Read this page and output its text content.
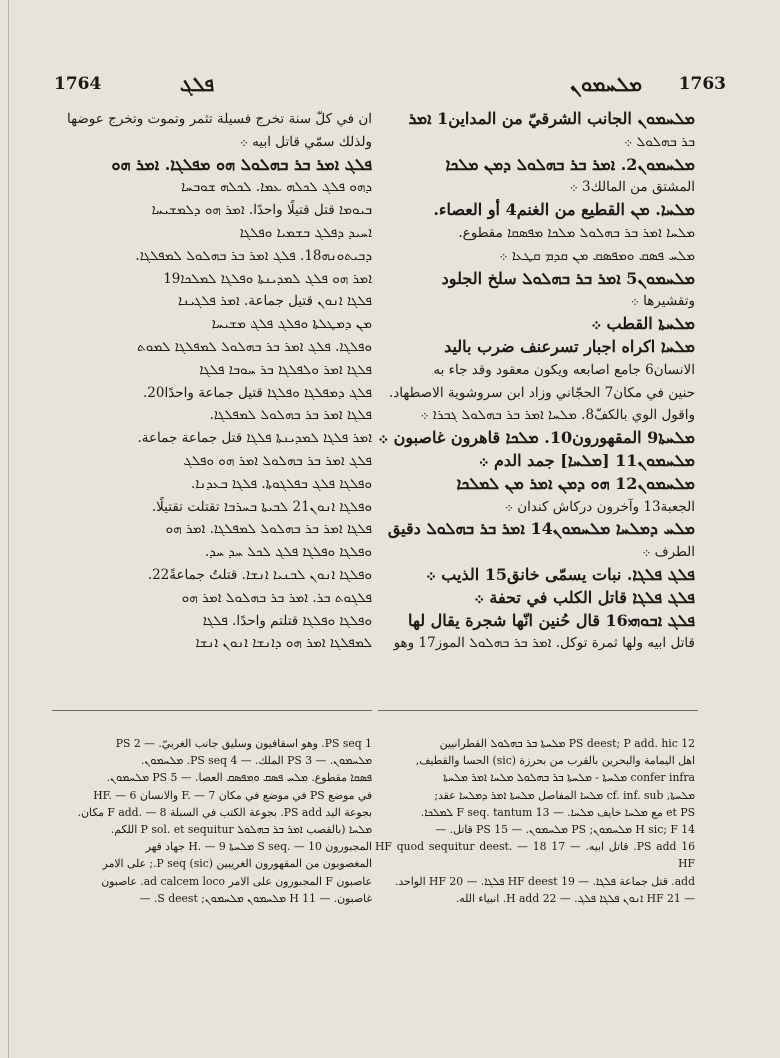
1764	ܦܠܓ	ܡܠܚܡܘܢ 1763

ان ﻓﻲ كلّ سنة تخرج فسيلة تثمر وتموت وتخرج عوضها

ولذلك سمّي قاتل ابيه ܀

ܦܠܓ ܐܡܪ ܒܪ ܒܗܠܘܠ ܗܘ ܡܦܠܓܐ. ܐܡܪ ܗܘ

ܕܗܘ ܦܠܓ ܠܟܠܗ ܥܡܐ. ܠܟܠܗ ܫܘܒܚܐ

ܒܝܘܡܐ قتل قتيلًا واحدًا. ܐܡܪ ܗܘ ܕܠܡܫܝܚܐ

ܐܚܝܕ ܕܦܠܓ ܒܫܡܝܐ ܘܦܠܓܐ

ܕܒܝܬܘܢܗ18. ܦܠܓ ܐܡܪ ܒܪ ܒܗܠܘܠ ܠܡܦܠܓܐ.

ܐܡܪ ܗܘ ܦܠܓ ܠܡܕܝܢܬܐ ܘܦܠܓܐ ܠܡܠܟܐ19

ܦܠܓܐ ܐܢܘܢ قتيل جماعة. ܐܡܪ ܦܠܓܝܢܐ

ܡܢ ܕܡܛܠܬܐ ܘܦܠܓ ܦܠܓ ܡܫܝܚܐ

ܘܦܠܓܐ. ܦܠܓ ܐܡܪ ܒܪ ܒܗܠܘܠ ܠܡܦܠܓܐ ܠܡܘܬ

ܦܠܓܐ ܐܡܪ ܘܠܦܠܓܐ ܒܪ ܚܘܒܐ ܦܠܓܐ

ܦܠܓ ܕܡܦܠܓܐ ܘܦܠܓܐ قتيل جماعة واحدًا20.

ܦܠܓܐ ܐܡܪ ܒܪ ܒܗܠܘܠ ܠܡܦܠܓܐ.

ܐܡܪ ܦܠܓܐ ܠܡܕܝܢܬܐ ܦܠܓܐ قتل جماعة جماعة.

ܦܠܓ ܐܡܪ ܒܪ ܒܗܠܘܠ ܐܡܪ ܗܘ ܘܦܠܓ

ܘܦܠܓܐ ܦܠܓ ܒܦܠܓܘܬܐ. ܦܠܓܐ ܒܥܕܢܐ.

ܘܦܠܓܐ ܐܢܘܢ21 ܠܒܝܬܐ ܒܚܪܒܐ تقتلت تقتيلًا.

ܦܠܓܐ ܐܡܪ ܒܪ ܒܗܠܘܠ ܠܡܦܠܓܐ. ܐܡܪ ܗܘ

ܘܦܠܓܐ ܘܦܠܓܐ ܦܠܓ ܠܟܠ ܚܕ ܚܕ.

ܘܦܠܓܐ ܐܢܘܢ ܠܒܢܝܐ ܐܢܫܐ. قتلتُ جماعةً22.

ܦܠܓܘܬ ܒܪ. ܐܡܪ ܒܪ ܒܗܠܘܠ ܐܡܪ ܗܘ

ܘܦܠܓܐ ܘܦܠܓܐ قتلتم واحدًا. ܦܠܓܐ

ܠܡܦܠܓܐ ܐܡܪ ܗܘ ܕܐܢܫܐ ܐܢܘܢ ܐܢܫܐ

ܡܠܚܡܘܢ الجانب الشرقيّ من المداين1 ܐܡܪ

ܒܪ ܒܗܠܘܠ ܀

ܡܠܚܡܘܢ2. ܐܡܪ ܒܪ ܒܗܠܘܠ ܕܡܢ ܡܠܟܐ

المشتق من المالك3 ܀

ܡܠܚܐ. ܡܢ القطيع من الغنم4 أو العصاء.

ܡܠܚܐ ܐܡܪ ܒܪ ܒܗܠܘܠ ܡܠܟܐ ܡܦܣܩܐ مقطوع.

ܡܠܚ ܦܣܩ ܘܡܦܣܩ ܡܢ ܩܕܡ ܩܛܥܐ ܀

ܡܠܚܡܘܢ5 ܐܡܪ ܒܪ ܒܗܠܘܠ سلخ الجلود

وتقشيرها ܀

ܡܠܚܬܐ القطب ܀

ܡܠܚܐ اكراه اجبار تسرعنف ضرب باليد

الانسان6 جامع اصابعه ويكون معقود وقد جاء به

حنين في مكان7 الحجّاني وزاد ابن سروشوية الاصطهاد.

واقول الوي بالكفّ8. ܡܠܚܐ ܐܡܪ ܒܪ ܒܗܠܘܠ ܓܒܪܐ ܀

ܡܠܚܬܐ9 المقهورون10. ܡܠܟܐ قاهرون غاصبون ܀

ܡܠܚܡܘܢ11 [ܡܠܚܐ] جمد الدم ܀

ܡܠܚܡܘܢ12 ܗܘ ܕܡܢ ܐܡܪ ܡܢ ܠܡܠܟܐ

الجعبة13 وآخرون دركاش كندان ܀

ܡܠܚ ܕܡܠܚܐ ܡܠܚܡܘܢ14 ܐܡܪ ܒܪ ܒܗܠܘܠ دقيق

الطرف ܀

ܦܠܓ ܦܠܓܐ. نبات يسمّى خانق15 الذيب ܀

ܦܠܓ ܦܠܓܐ قاتل الكلب في تحفة ܀

ܦܠܓ ܐܒܘܗܝ16 قال حُنين انّها شجرة يقال لها

قاتل ابيه ولها ثمرة توكل. ܐܡܪ ܒܪ ܒܗܠܘܠ الموز17 وهو

1 PS seq. وهو اسقافيون وسليق جانب الغربيّ. — 2 PS

ܡܠܚܡܘܢ. — 3 PS الملك. — 4 PS seq. ܡܠܚܡܘܢ.

ܦܣܩܐ مقطوع. ܡܠܚ ܦܣܩ ܘܡܦܣܩ العصا. — 5 PS ܡܠܚܡܘܢ.

في موضع PS في موضع في مكان F. — 7 والانسان HF. — 6

بجوعة اليد PS add. بجوعة الكتب في السبلة F add. — 8 مكان.

ܡܠܚܐ (بالقصب ܐܡܪ ܒܪ ܒܗܠܘܠ P sol. et sequitur اللكم.

المجبورون S seq. — 10 ܡܠܚܬܐ H. — 9 جهاد قهر

المغصوبون من المقهورون الغريبين (sic) P seq.; على الامر

عاصبون F المجبورون على الامر ad calcem loco. عاصبون

غاصبون. — 11 H ܡܠܚܡܘܢ ܡܠܚܡܘܢ; S deest. —

12 PS deest; P add. hic ܡܠܚܬܐ ܒܪ ܒܗܠܘܠ القطرانيين

اهل اليمامة والبحرين بالقرب من بحرزة (sic) الحسا والقطيف,

confer infra ܡܠܚܬܐ - ܡܠܚܬܐ ܒܪ ܒܗܠܘܠ ܡܠܚܐ ܐܡܪ ܡܠܚܬܐ

ܡܠܚܬܐ, cf. inf. sub ܡܠܚܐ المفاصل ܡܠܚܬܐ ܐܡܪ ܕܡܠܚܐ عقد;

et PS مع ܡܠܚܐ خايف ܡܠܚܐ. — 13 F seq. tantum ܠܡܠܟܐ.

14 H sic; F ܡܠܚܡܘܢ; PS ܡܠܚܡܘܢ. — 15 PS قاتل. —

16 PS add. قاتل ابيه. — 17 HF quod sequitur deest. — 18 HF

add. قتل جماعة ܦܠܓܐ. — 19 HF deest ܦܠܓܐ. — 20 HF الواحد.

— 21 HF ܐܢܘܢ ܦܠܓܐ ܦܠܓ. — 22 H add. انبياء الله.
